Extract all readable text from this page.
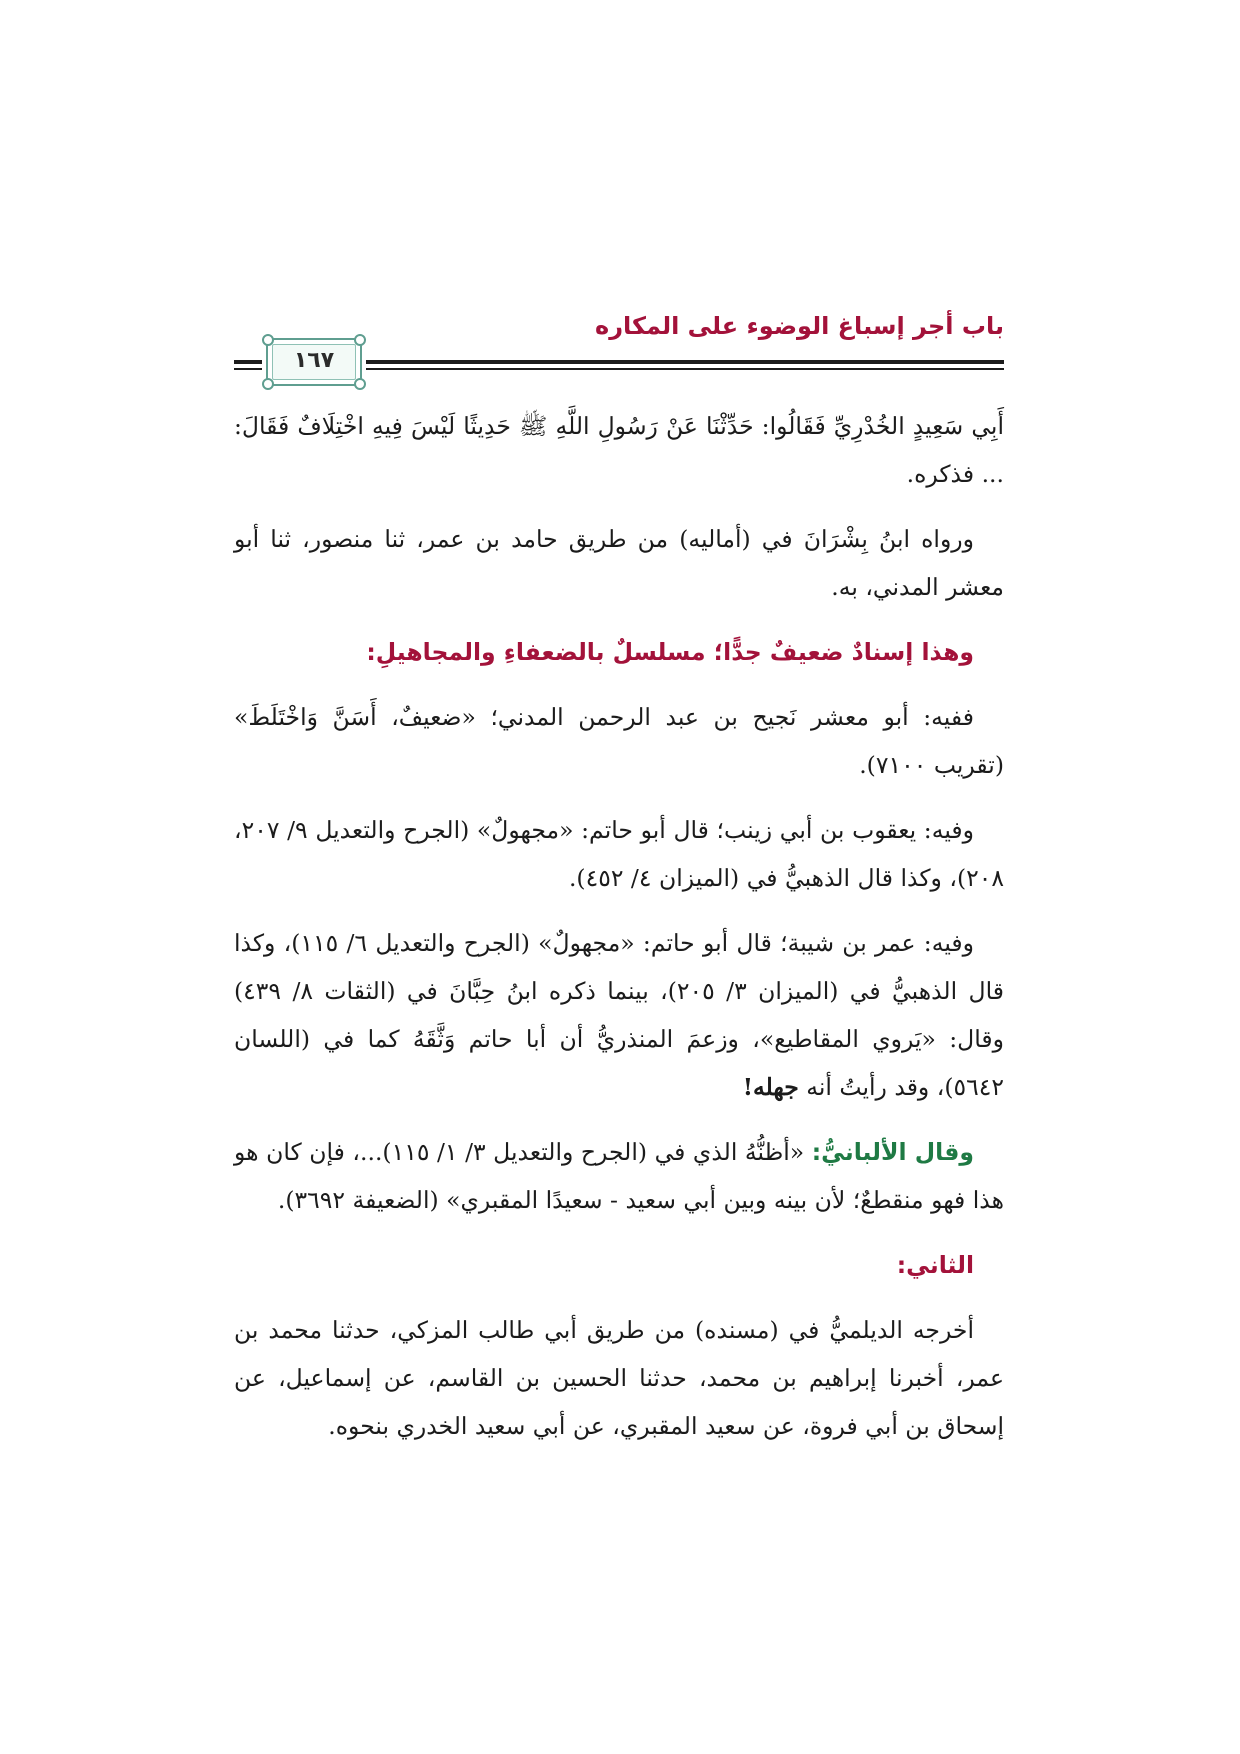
باب أجر إسباغ الوضوء على المكاره
١٦٧

أَبِي سَعِيدٍ الخُدْرِيِّ فَقَالُوا: حَدِّثْنَا عَنْ رَسُولِ اللَّهِ ﷺ حَدِيثًا لَيْسَ فِيهِ اخْتِلَافٌ فَقَالَ: ... فذكره.

ورواه ابنُ بِشْرَانَ في (أماليه) من طريق حامد بن عمر، ثنا منصور، ثنا أبو معشر المدني، به.

وهذا إسنادٌ ضعيفٌ جدًّا؛ مسلسلٌ بالضعفاءِ والمجاهيلِ:

ففيه: أبو معشر نَجيح بن عبد الرحمن المدني؛ «ضعيفٌ، أَسَنَّ وَاخْتَلَطَ» (تقريب ٧١٠٠).

وفيه: يعقوب بن أبي زينب؛ قال أبو حاتم: «مجهولٌ» (الجرح والتعديل ٩/ ٢٠٧، ٢٠٨)، وكذا قال الذهبيُّ في (الميزان ٤/ ٤٥٢).

وفيه: عمر بن شيبة؛ قال أبو حاتم: «مجهولٌ» (الجرح والتعديل ٦/ ١١٥)، وكذا قال الذهبيُّ في (الميزان ٣/ ٢٠٥)، بينما ذكره ابنُ حِبَّانَ في (الثقات ٨/ ٤٣٩) وقال: «يَروي المقاطيع»، وزعمَ المنذريُّ أن أبا حاتم وَثَّقَهُ كما في (اللسان ٥٦٤٢)، وقد رأيتُ أنه جهله!

وقال الألبانيُّ: «أظنُّهُ الذي في (الجرح والتعديل ٣/ ١/ ١١٥)...، فإن كان هو هذا فهو منقطعٌ؛ لأن بينه وبين أبي سعيد - سعيدًا المقبري» (الضعيفة ٣٦٩٢).

الثاني:

أخرجه الديلميُّ في (مسنده) من طريق أبي طالب المزكي، حدثنا محمد بن عمر، أخبرنا إبراهيم بن محمد، حدثنا الحسين بن القاسم، عن إسماعيل، عن إسحاق بن أبي فروة، عن سعيد المقبري، عن أبي سعيد الخدري بنحوه.
